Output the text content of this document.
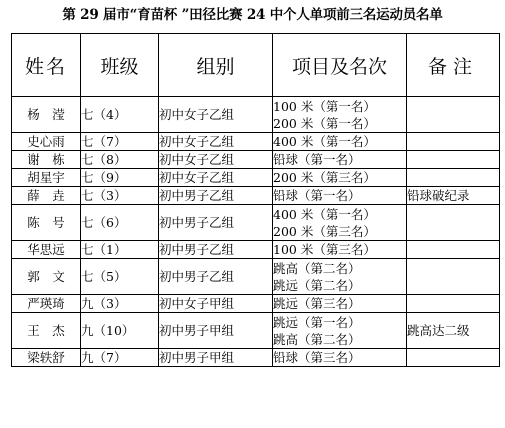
第 29 届市“育苗杯 ”田径比赛 24 中个人单项前三名运动员名单
姓名	班级	组别	项目及名次	备注
杨　滢	七（4）	初中女子乙组	100 米（第一名）
200 米（第一名）	

史心雨	七（7）	初中女子乙组	400 米（第一名）	

谢　栋	七（8）	初中女子乙组	铅球（第一名）	

胡星宇	七（9）	初中女子乙组	200 米（第三名）	

薛　垚	七（3）	初中男子乙组	铅球（第一名）	铅球破纪录
陈　号	七（6）	初中男子乙组	400 米（第一名）
200 米（第三名）	

华思远	七（1）	初中男子乙组	100 米（第三名）	

郭　文	七（5）	初中男子乙组	跳高（第二名）
跳远（第二名）	

严瑛琦	九（3）	初中女子甲组	跳远（第三名）	

王　杰	九（10）	初中男子甲组	跳远（第一名）
跳高（第二名）	跳高达二级
梁轶舒	九（7）	初中男子甲组	铅球（第三名）	
